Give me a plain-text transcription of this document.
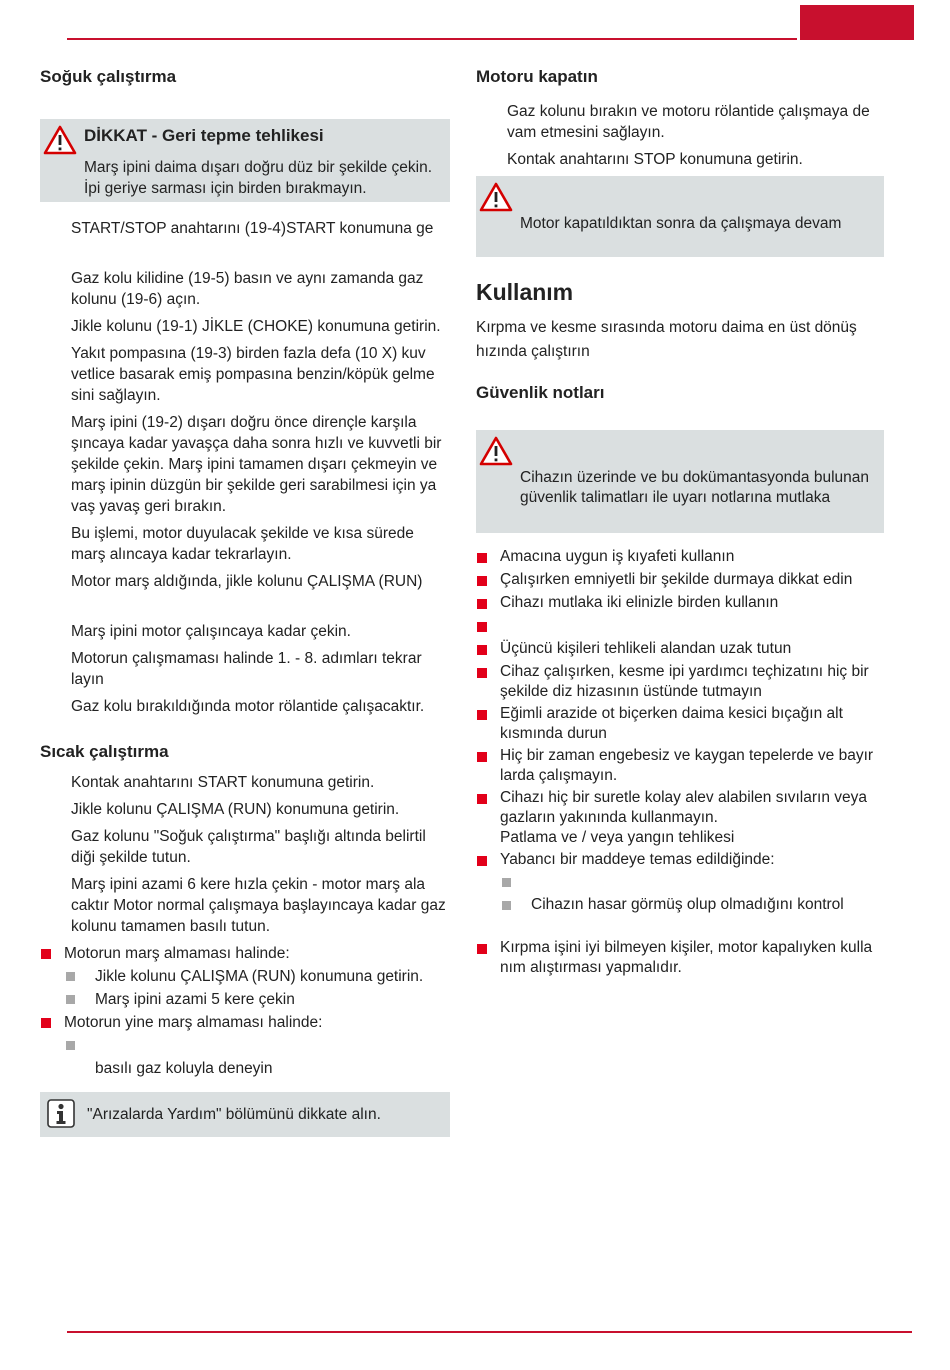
Soğuk çalıştırma
DİKKAT - Geri tepme tehlikesi
Marş ipini daima dışarı doğru düz bir şekilde çekin. İpi geriye sarması için birden bırakmayın.

START/STOP anahtarını (19-4)START konumuna ge

Gaz kolu kilidine (19-5) basın ve aynı zamanda gaz kolunu (19-6) açın.

Jikle kolunu (19-1) JİKLE (CHOKE) konumuna getirin.

Yakıt pompasına (19-3) birden fazla defa (10 X) kuv vetlice basarak emiş pompasına benzin/köpük gelme sini sağlayın.

Marş ipini (19-2) dışarı doğru önce dirençle karşıla şıncaya kadar yavaşça daha sonra hızlı ve kuvvetli bir şekilde çekin. Marş ipini tamamen dışarı çekmeyin ve marş ipinin düzgün bir şekilde geri sarabilmesi için ya vaş yavaş geri bırakın.

Bu işlemi, motor duyulacak şekilde ve kısa sürede marş alıncaya kadar tekrarlayın.

Motor marş aldığında, jikle kolunu ÇALIŞMA (RUN)

Marş ipini motor çalışıncaya kadar çekin.

Motorun çalışmaması halinde 1. - 8. adımları tekrar layın

Gaz kolu bırakıldığında motor rölantide çalışacaktır.

Sıcak çalıştırma

Kontak anahtarını START konumuna getirin.

Jikle kolunu ÇALIŞMA (RUN) konumuna getirin.

Gaz kolunu "Soğuk çalıştırma" başlığı altında belirtil diği şekilde tutun.

Marş ipini azami 6 kere hızla çekin - motor marş ala caktır Motor normal çalışmaya başlayıncaya kadar gaz kolunu tamamen basılı tutun.

Motorun marş almaması halinde:
Jikle kolunu ÇALIŞMA (RUN) konumuna getirin.
Marş ipini azami 5 kere çekin
Motorun yine marş almaması halinde:
basılı gaz koluyla deneyin
"Arızalarda Yardım" bölümünü dikkate alın.
Motoru kapatın

Gaz kolunu bırakın ve motoru rölantide çalışmaya de vam etmesini sağlayın.

Kontak anahtarını STOP konumuna getirin.

Motor kapatıldıktan sonra da çalışmaya devam
Kullanım

Kırpma ve kesme sırasında motoru daima en üst dönüş hızında çalıştırın

Güvenlik notları
Cihazın üzerinde ve bu dokümantasyonda bulunan güvenlik talimatları ile uyarı notlarına mutlaka
Amacına uygun iş kıyafeti kullanın
Çalışırken emniyetli bir şekilde durmaya dikkat edin
Cihazı mutlaka iki elinizle birden kullanın
Üçüncü kişileri tehlikeli alandan uzak tutun
Cihaz çalışırken, kesme ipi yardımcı teçhizatını hiç bir şekilde diz hizasının üstünde tutmayın
Eğimli arazide ot biçerken daima kesici bıçağın alt kısmında durun
Hiç bir zaman engebesiz ve kaygan tepelerde ve bayır larda çalışmayın.
Cihazı hiç bir suretle kolay alev alabilen sıvıların veya gazların yakınında kullanmayın.
Patlama ve / veya yangın tehlikesi
Yabancı bir maddeye temas edildiğinde:
Cihazın hasar görmüş olup olmadığını kontrol
Kırpma işini iyi bilmeyen kişiler, motor kapalıyken kulla nım alıştırması yapmalıdır.
